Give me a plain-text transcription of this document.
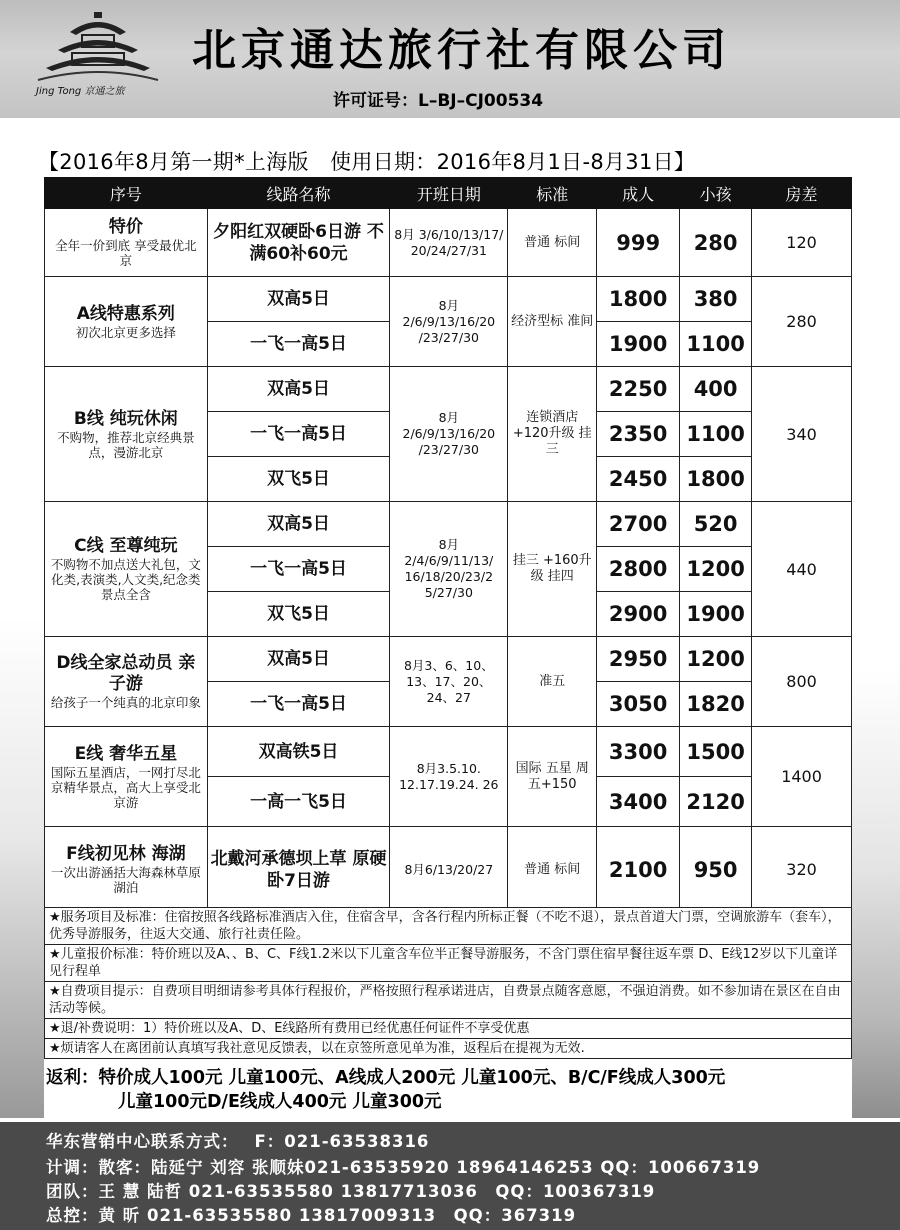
Jing Tong 京通之旅
北京通达旅行社有限公司
许可证号：L–BJ–CJ00534
【2016年8月第一期*上海版　使用日期：2016年8月1日-8月31日】
序号	线路名称	开班日期	标准	成人	小孩	房差

特价
全年一价到底 享受最优北京	夕阳红双硬卧6日游 不满60补60元	8月 3/6/10/13/17/ 20/24/27/31	普通 标间	999	280	120

A线特惠系列
初次北京更多选择	双高5日	8月 2/6/9/13/16/20 /23/27/30	经济型标 准间	1800	380	280
	一飞一高5日			1900	1100	

B线 纯玩休闲
不购物，推荐北京经典景点，漫游北京	双高5日	8月 2/6/9/13/16/20 /23/27/30	连锁酒店 +120升级 挂三	2250	400	340
	一飞一高5日			2350	1100	
	双飞5日			2450	1800	

C线 至尊纯玩
不购物不加点送大礼包，文化类,表演类,人文类,纪念类景点全含	双高5日	8月 2/4/6/9/11/13/ 16/18/20/23/2 5/27/30	挂三 +160升级 挂四	2700	520	440
	一飞一高5日			2800	1200	
	双飞5日			2900	1900	

D线全家总动员 亲子游
给孩子一个纯真的北京印象	双高5日	8月3、6、10、 13、17、20、 24、27	准五	2950	1200	800
	一飞一高5日			3050	1820	

E线 奢华五星
国际五星酒店，一网打尽北京精华景点，高大上享受北京游	双高铁5日	8月3.5.10. 12.17.19.24. 26	国际 五星 周五+150	3300	1500	1400
	一高一飞5日			3400	2120	

F线初见林 海湖
一次出游涵括大海森林草原湖泊	北戴河承德坝上草 原硬卧7日游	8月6/13/20/27	普通 标间	2100	950	320
★服务项目及标准：住宿按照各线路标准酒店入住，住宿含早，含各行程内所标正餐（不吃不退），景点首道大门票，空调旅游车（套车），优秀导游服务，往返大交通、旅行社责任险。
★儿童报价标准：特价班以及A、、B、C、F线1.2米以下儿童含车位半正餐导游服务，不含门票住宿早餐往返车票 D、E线12岁以下儿童详见行程单
★自费项目提示：自费项目明细请参考具体行程报价，严格按照行程承诺进店，自费景点随客意愿，不强迫消费。如不参加请在景区在自由活动等候。
★退/补费说明：1）特价班以及A、D、E线路所有费用已经优惠任何证件不享受优惠
★烦请客人在离团前认真填写我社意见反馈表，以在京签所意见单为准，返程后在提视为无效.
返利：特价成人100元 儿童100元、A线成人200元 儿童100元、B/C/F线成人300元
儿童100元D/E线成人400元 儿童300元
华东营销中心联系方式：　 F：021-63538316
计调：散客：陆延宁 刘容 张顺妹021-63535920 18964146253 QQ：100667319
团队：王 慧 陆哲 021-63535580 13817713036　QQ：100367319
总控：黄 昕 021-63535580 13817009313　QQ：367319
